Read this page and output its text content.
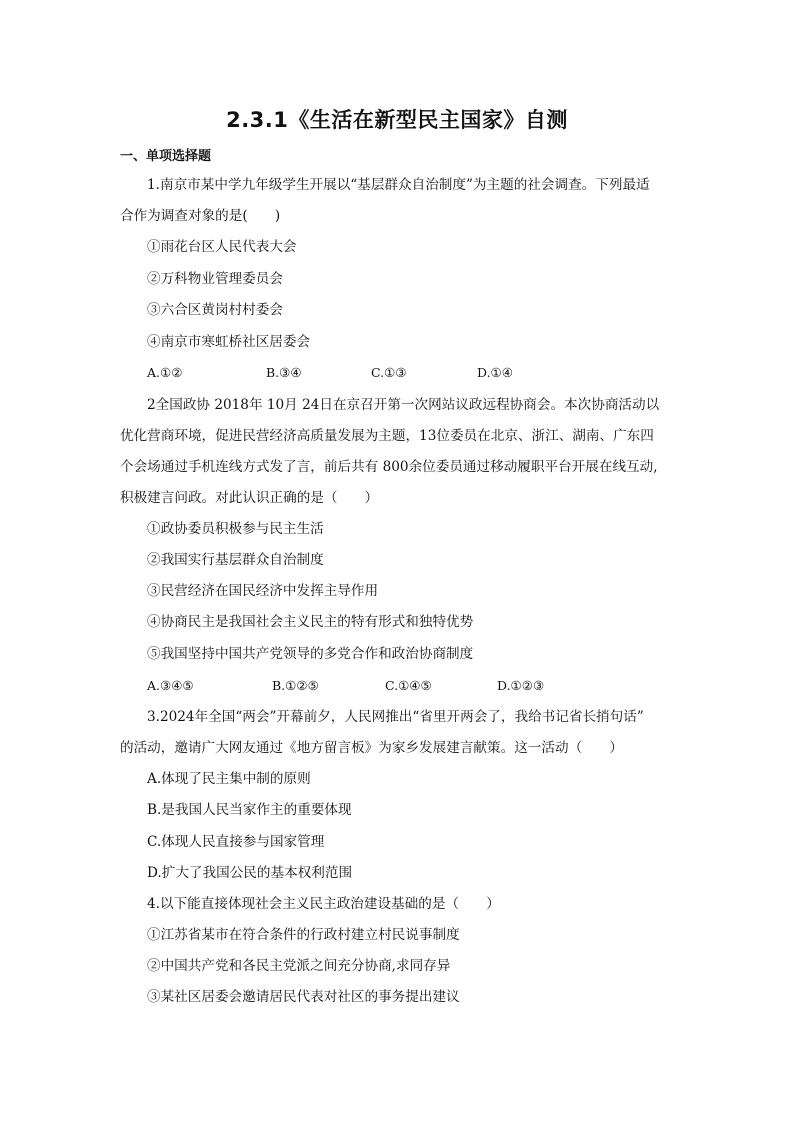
2.3.1《生活在新型民主国家》自测
一、单项选择题
1.南京市某中学九年级学生开展以“基层群众自治制度”为主题的社会调查。下列最适
合作为调查对象的是(　　)
①雨花台区人民代表大会
②万科物业管理委员会
③六合区黄岗村村委会
④南京市寒虹桥社区居委会
A.①②	B.③④	C.①③	D.①④
2全国政协 2018年 10月 24日在京召开第一次网站议政远程协商会。本次协商活动以
优化营商环境，促进民营经济高质量发展为主题，13位委员在北京、浙江、湖南、广东四
个会场通过手机连线方式发了言，前后共有 800余位委员通过移动履职平台开展在线互动,
积极建言问政。对此认识正确的是（　　）
①政协委员积极参与民主生活
②我国实行基层群众自治制度
③民营经济在国民经济中发挥主导作用
④协商民主是我国社会主义民主的特有形式和独特优势
⑤我国坚持中国共产党领导的多党合作和政治协商制度
A.③④⑤	B.①②⑤	C.①④⑤	D.①②③
3.2024年全国“两会”开幕前夕，人民网推出“省里开两会了，我给书记省长捎句话”
的活动，邀请广大网友通过《地方留言板》为家乡发展建言献策。这一活动（　　）
A.体现了民主集中制的原则
B.是我国人民当家作主的重要体现
C.体现人民直接参与国家管理
D.扩大了我国公民的基本权利范围
4.以下能直接体现社会主义民主政治建设基础的是（　　）
①江苏省某市在符合条件的行政村建立村民说事制度
②中国共产党和各民主党派之间充分协商,求同存异
③某社区居委会邀请居民代表对社区的事务提出建议
